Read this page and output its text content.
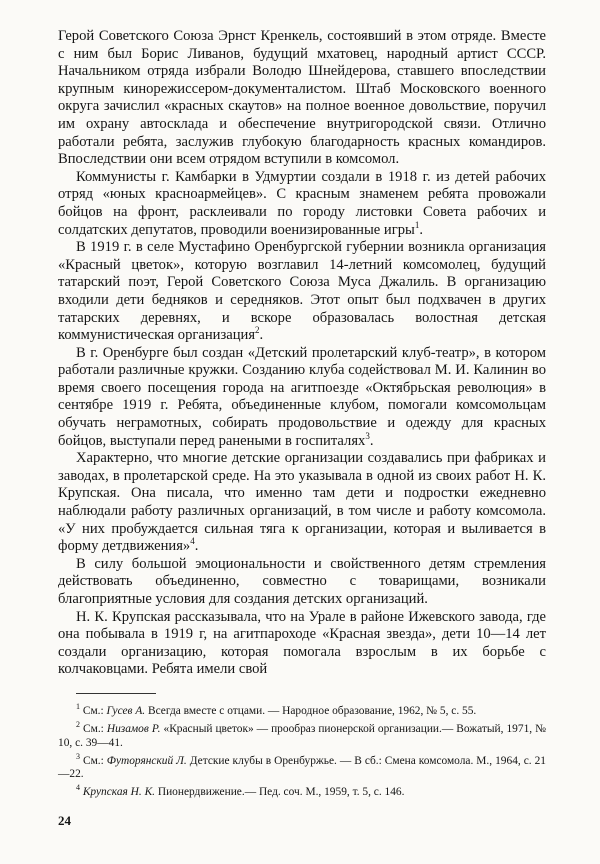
Герой Советского Союза Эрнст Кренкель, состоявший в этом отряде. Вместе с ним был Борис Ливанов, будущий мхатовец, народный артист СССР. Начальником отряда избрали Володю Шнейдерова, ставшего впоследствии крупным кинорежиссером-документалистом. Штаб Московского военного округа зачислил «красных скаутов» на полное военное довольствие, поручил им охрану автосклада и обеспечение внутригородской связи. Отлично работали ребята, заслужив глубокую благодарность красных командиров. Впоследствии они всем отрядом вступили в комсомол.

Коммунисты г. Камбарки в Удмуртии создали в 1918 г. из детей рабочих отряд «юных красноармейцев». С красным знаменем ребята провожали бойцов на фронт, расклеивали по городу листовки Совета рабочих и солдатских депутатов, проводили военизированные игры$^1$.

В 1919 г. в селе Мустафино Оренбургской губернии возникла организация «Красный цветок», которую возглавил 14-летний комсомолец, будущий татарский поэт, Герой Советского Союза Муса Джалиль. В организацию входили дети бедняков и середняков. Этот опыт был подхвачен в других татарских деревнях, и вскоре образовалась волостная детская коммунистическая организация$^2$.

В г. Оренбурге был создан «Детский пролетарский клуб-театр», в котором работали различные кружки. Созданию клуба содействовал М. И. Калинин во время своего посещения города на агитпоезде «Октябрьская революция» в сентябре 1919 г. Ребята, объединенные клубом, помогали комсомольцам обучать неграмотных, собирать продовольствие и одежду для красных бойцов, выступали перед ранеными в госпиталях$^3$.

Характерно, что многие детские организации создавались при фабриках и заводах, в пролетарской среде. На это указывала в одной из своих работ Н. К. Крупская. Она писала, что именно там дети и подростки ежедневно наблюдали работу различных организаций, в том числе и работу комсомола. «У них пробуждается сильная тяга к организации, которая и выливается в форму детдвижения»$^4$.

В силу большой эмоциональности и свойственного детям стремления действовать объединенно, совместно с товарищами, возникали благоприятные условия для создания детских организаций.

Н. К. Крупская рассказывала, что на Урале в районе Ижевского завода, где она побывала в 1919 г, на агитпароходе «Красная звезда», дети 10—14 лет создали организацию, которая помогала взрослым в их борьбе с колчаковцами. Ребята имели свой

$^1$ См.: Гусев А. Всегда вместе с отцами. — Народное образование, 1962, № 5, с. 55.

$^2$ См.: Низамов Р. «Красный цветок» — прообраз пионерской организации.— Вожатый, 1971, № 10, с. 39—41.

$^3$ См.: Футорянский Л. Детские клубы в Оренбуржье. — В сб.: Смена комсомола. М., 1964, с. 21—22.

$^4$ Крупская Н. К. Пионердвижение.— Пед. соч. М., 1959, т. 5, с. 146.

24
